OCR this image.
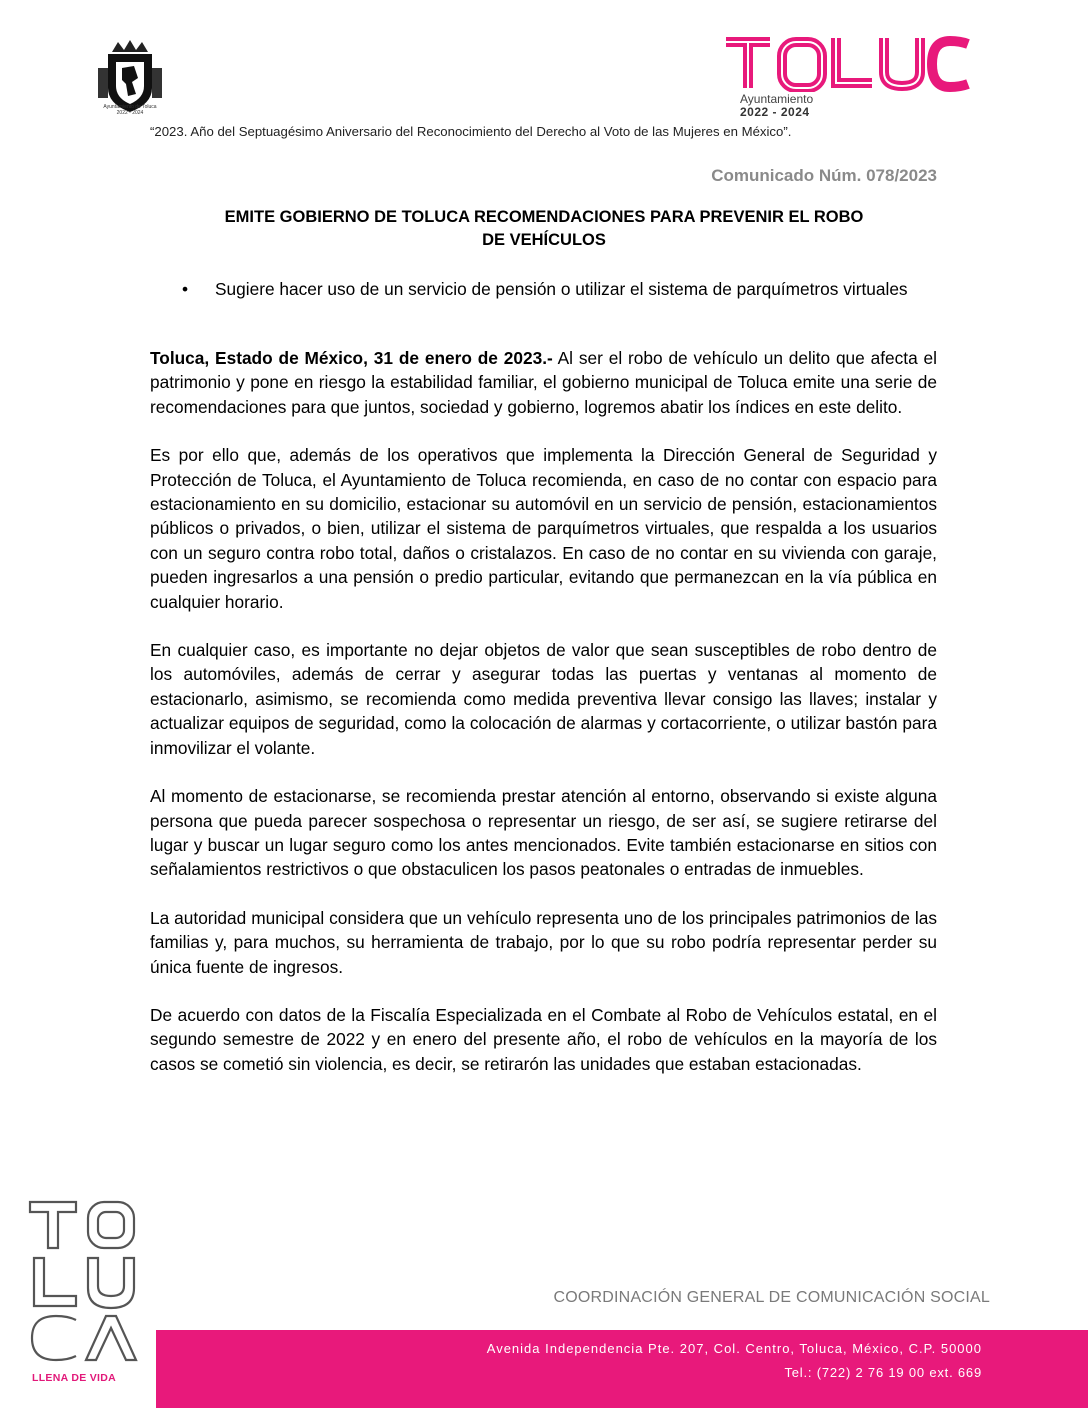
Ayuntamiento de Toluca
2022 - 2024
Ayuntamiento
2022 - 2024
“2023. Año del Septuagésimo Aniversario del Reconocimiento del Derecho al Voto de las Mujeres en México”.
Comunicado Núm. 078/2023
EMITE GOBIERNO DE TOLUCA RECOMENDACIONES PARA PREVENIR EL ROBO
DE VEHÍCULOS
• Sugiere hacer uso de un servicio de pensión o utilizar el sistema de parquímetros virtuales

Toluca, Estado de México, 31 de enero de 2023.- Al ser el robo de vehículo un delito que afecta el patrimonio y pone en riesgo la estabilidad familiar, el gobierno municipal de Toluca emite una serie de recomendaciones para que juntos, sociedad y gobierno, logremos abatir los índices en este delito.

Es por ello que, además de los operativos que implementa la Dirección General de Seguridad y Protección de Toluca, el Ayuntamiento de Toluca recomienda, en caso de no contar con espacio para estacionamiento en su domicilio, estacionar su automóvil en un servicio de pensión, estacionamientos públicos o privados, o bien, utilizar el sistema de parquímetros virtuales, que respalda a los usuarios con un seguro contra robo total, daños o cristalazos. En caso de no contar en su vivienda con garaje, pueden ingresarlos a una pensión o predio particular, evitando que permanezcan en la vía pública en cualquier horario.

En cualquier caso, es importante no dejar objetos de valor que sean susceptibles de robo dentro de los automóviles, además de cerrar y asegurar todas las puertas y ventanas al momento de estacionarlo, asimismo, se recomienda como medida preventiva llevar consigo las llaves; instalar y actualizar equipos de seguridad, como la colocación de alarmas y cortacorriente, o utilizar bastón para inmovilizar el volante.

Al momento de estacionarse, se recomienda prestar atención al entorno, observando si existe alguna persona que pueda parecer sospechosa o representar un riesgo, de ser así, se sugiere retirarse del lugar y buscar un lugar seguro como los antes mencionados. Evite también estacionarse en sitios con señalamientos restrictivos o que obstaculicen los pasos peatonales o entradas de inmuebles.

La autoridad municipal considera que un vehículo representa uno de los principales patrimonios de las familias y, para muchos, su herramienta de trabajo, por lo que su robo podría representar perder su única fuente de ingresos.

De acuerdo con datos de la Fiscalía Especializada en el Combate al Robo de Vehículos estatal, en el segundo semestre de 2022 y en enero del presente año, el robo de vehículos en la mayoría de los casos se cometió sin violencia, es decir, se retirarón las unidades que estaban estacionadas.

LLENA DE VIDA
COORDINACIÓN GENERAL DE COMUNICACIÓN SOCIAL
Avenida Independencia Pte. 207, Col. Centro, Toluca, México, C.P. 50000
Tel.: (722) 2 76 19 00 ext. 669
